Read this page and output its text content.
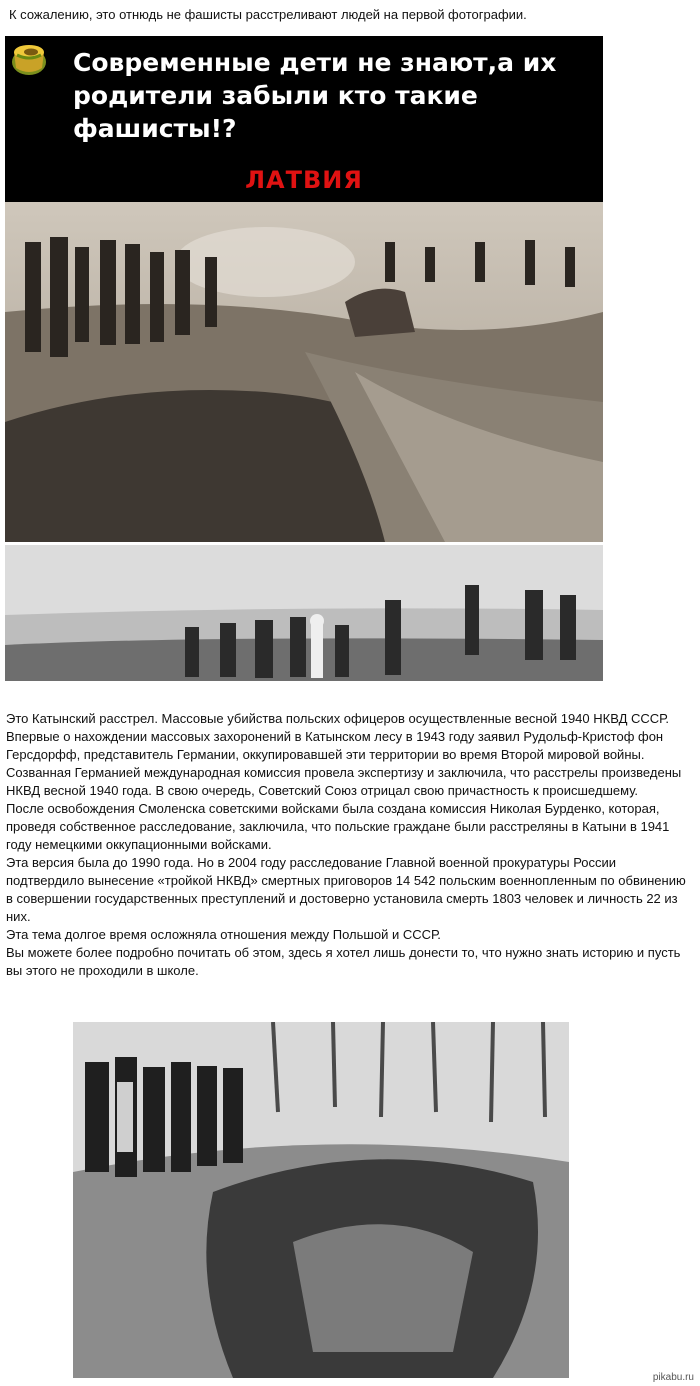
К сожалению, это отнюдь не фашисты расстреливают людей на первой фотографии.
Современные дети не знают,а их родители забыли кто такие фашисты!?
ЛАТВИЯ

Это Катынский расстрел. Массовые убийства польских офицеров осуществленные весной 1940 НКВД СССР.

Впервые о нахождении массовых захоронений в Катынском лесу в 1943 году заявил Рудольф-Кристоф фон Герсдорфф, представитель Германии, оккупировавшей эти территории во время Второй мировой войны. Созванная Германией международная комиссия провела экспертизу и заключила, что расстрелы произведены НКВД весной 1940 года. В свою очередь, Советский Союз отрицал свою причастность к происшедшему.

После освобождения Смоленска советскими войсками была создана комиссия Николая Бурденко, которая, проведя собственное расследование, заключила, что польские граждане были расстреляны в Катыни в 1941 году немецкими оккупационными войсками.

Эта версия была до 1990 года. Но в 2004 году расследование Главной военной прокуратуры России подтвердило вынесение «тройкой НКВД» смертных приговоров 14 542 польским военнопленным по обвинению в совершении государственных преступлений и достоверно установила смерть 1803 человек и личность 22 из них.

Эта тема долгое время осложняла отношения между Польшой и СССР.

Вы можете более подробно почитать об этом, здесь я хотел лишь донести то, что нужно знать историю и пусть вы этого не проходили в школе.

pikabu.ru
